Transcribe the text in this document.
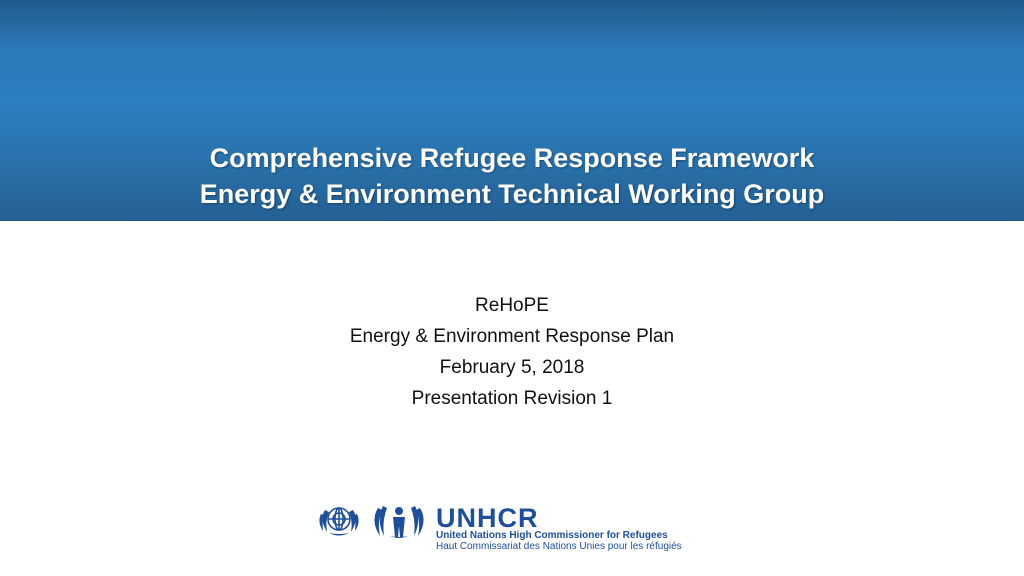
Comprehensive Refugee Response Framework
Energy & Environment Technical Working Group
ReHoPE
Energy & Environment Response Plan
February 5, 2018
Presentation Revision 1
UNHCR
United Nations High Commissioner for Refugees
Haut Commissariat des Nations Unies pour les réfugiés
